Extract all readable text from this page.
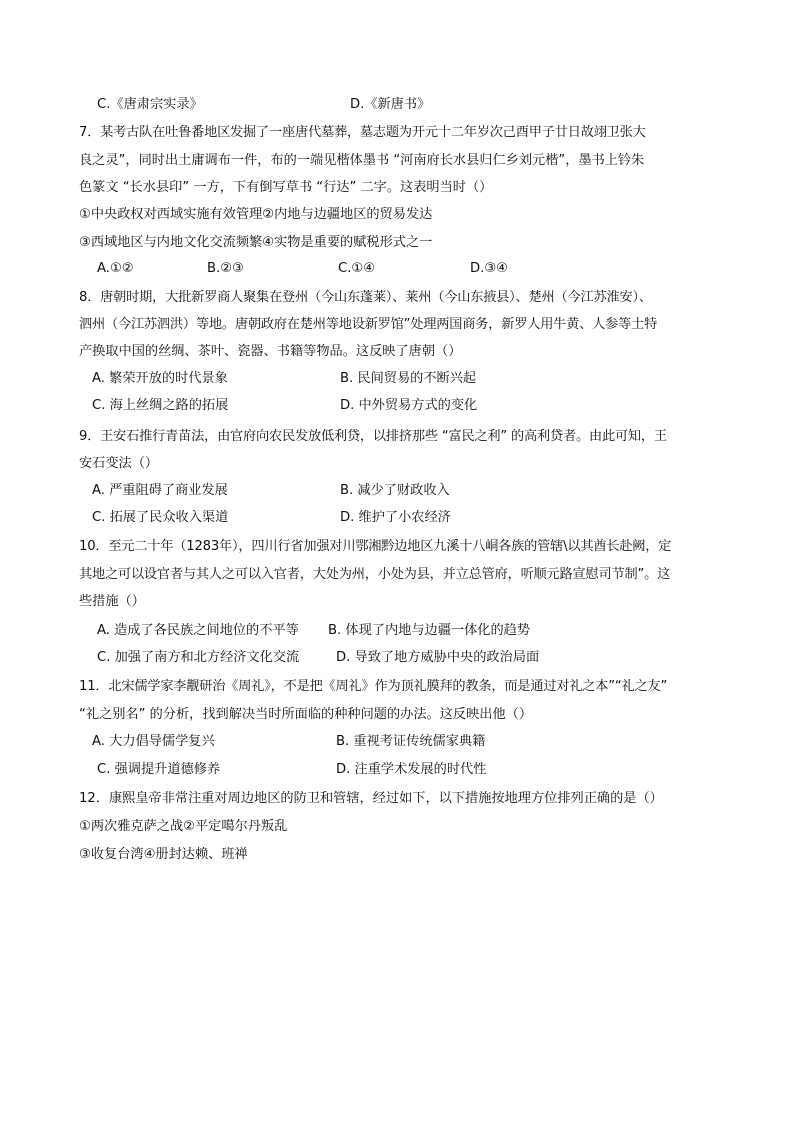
C.《唐肃宗实录》	D.《新唐书》
7．某考古队在吐鲁番地区发掘了一座唐代墓葬，墓志题为开元十二年岁次己酉甲子廿日故翊卫张大
良之灵”，同时出土庸调布一件，布的一端见楷体墨书 “河南府长水县归仁乡刘元楷”，墨书上钤朱
色篆文 “长水县印” 一方，下有倒写草书 “行达” 二字。这表明当时（）
①中央政权对西域实施有效管理②内地与边疆地区的贸易发达
③西域地区与内地文化交流频繁④实物是重要的赋税形式之一
A.①②	B.②③	C.①④	D.③④
8．唐朝时期，大批新罗商人聚集在登州（今山东蓬莱）、莱州（今山东掖县）、楚州（今江苏淮安）、
泗州（今江苏泗洪）等地。唐朝政府在楚州等地设新罗馆”处理两国商务，新罗人用牛黄、人参等土特
产换取中国的丝绸、茶叶、瓷器、书籍等物品。这反映了唐朝（）
A. 繁荣开放的时代景象	B. 民间贸易的不断兴起
C. 海上丝绸之路的拓展	D. 中外贸易方式的变化
9．王安石推行青苗法，由官府向农民发放低利贷，以排挤那些 “富民之利” 的高利贷者。由此可知，王
安石变法（）
A. 严重阻碍了商业发展	B. 减少了财政收入
C. 拓展了民众收入渠道	D. 维护了小农经济
10．至元二十年（1283年），四川行省加强对川鄂湘黔边地区九溪十八峒各族的管辖\以其酋长赴阙，定
其地之可以设官者与其人之可以入官者，大处为州，小处为县，并立总管府，听顺元路宣慰司节制”。这
些措施（）
A. 造成了各民族之间地位的不平等 B. 体现了内地与边疆一体化的趋势
C. 加强了南方和北方经济文化交流	D. 导致了地方威胁中央的政治局面
11．北宋儒学家李觏研治《周礼》，不是把《周礼》作为顶礼膜拜的教条，而是通过对礼之本”“礼之友”
“礼之别名” 的分析，找到解决当时所面临的种种问题的办法。这反映出他（）
A. 大力倡导儒学复兴	B. 重视考证传统儒家典籍
C. 强调提升道德修养	D. 注重学术发展的时代性
12．康熙皇帝非常注重对周边地区的防卫和管辖，经过如下，以下措施按地理方位排列正确的是（）
①两次雅克萨之战②平定噶尔丹叛乱
③收复台湾④册封达赖、班禅
